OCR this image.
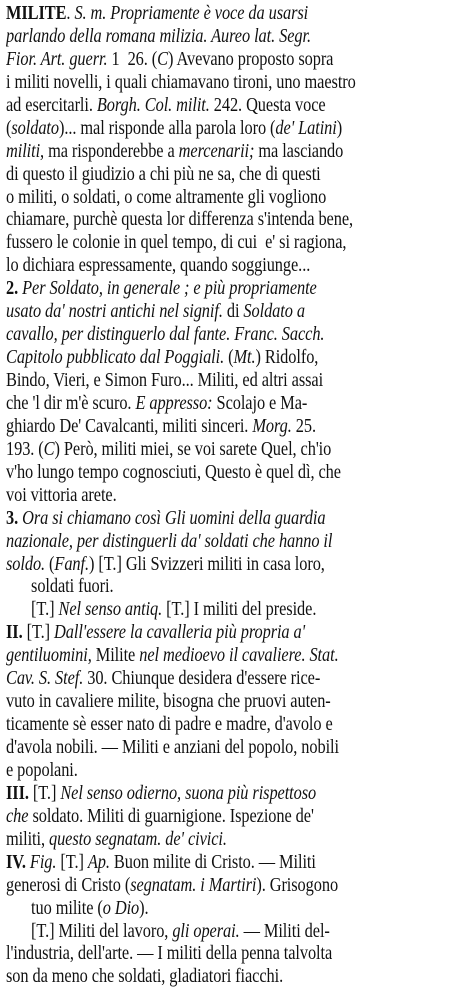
MILITE. S. m. Propriamente è voce da usarsi
parlando della romana milizia. Aureo lat. Segr.
Fior. Art. guerr. 1  26. (C) Avevano proposto sopra
i militi novelli, i quali chiamavano tironi, uno maestro
ad esercitarli. Borgh. Col. milit. 242. Questa voce
(soldato)... mal risponde alla parola loro (de' Latini)
militi, ma risponderebbe a mercenarii; ma lasciando
di questo il giudizio a chi più ne sa, che di questi
o militi, o soldati, o come altramente gli vogliono
chiamare, purchè questa lor differenza s'intenda bene,
fussero le colonie in quel tempo, di cui  e' si ragiona,
lo dichiara espressamente, quando soggiunge...
2. Per Soldato, in generale ; e più propriamente
usato da' nostri antichi nel signif. di Soldato a
cavallo, per distinguerlo dal fante. Franc. Sacch.
Capitolo pubblicato dal Poggiali. (Mt.) Ridolfo,
Bindo, Vieri, e Simon Furo... Militi, ed altri assai
che 'l dir m'è scuro. E appresso: Scolajo e Ma-
ghiardo De' Cavalcanti, militi sinceri. Morg. 25.
193. (C) Però, militi miei, se voi sarete Quel, ch'io
v'ho lungo tempo cognosciuti, Questo è quel dì, che
voi vittoria arete.
3. Ora si chiamano così Gli uomini della guardia
nazionale, per distinguerli da' soldati che hanno il
soldo. (Fanf.) [T.] Gli Svizzeri militi in casa loro,
soldati fuori.
[T.] Nel senso antiq. [T.] I militi del preside.
II. [T.] Dall'essere la cavalleria più propria a'
gentiluomini, Milite nel medioevo il cavaliere. Stat.
Cav. S. Stef. 30. Chiunque desidera d'essere rice-
vuto in cavaliere milite, bisogna che pruovi auten-
ticamente sè esser nato di padre e madre, d'avolo e
d'avola nobili. — Militi e anziani del popolo, nobili
e popolani.
III. [T.] Nel senso odierno, suona più rispettoso
che soldato. Militi di guarnigione. Ispezione de'
militi, questo segnatam. de' civici.
IV. Fig. [T.] Ap. Buon milite di Cristo. — Militi
generosi di Cristo (segnatam. i Martiri). Grisogono
tuo milite (o Dio).
[T.] Militi del lavoro, gli operai. — Militi del-
l'industria, dell'arte. — I militi della penna talvolta
son da meno che soldati, gladiatori fiacchi.
